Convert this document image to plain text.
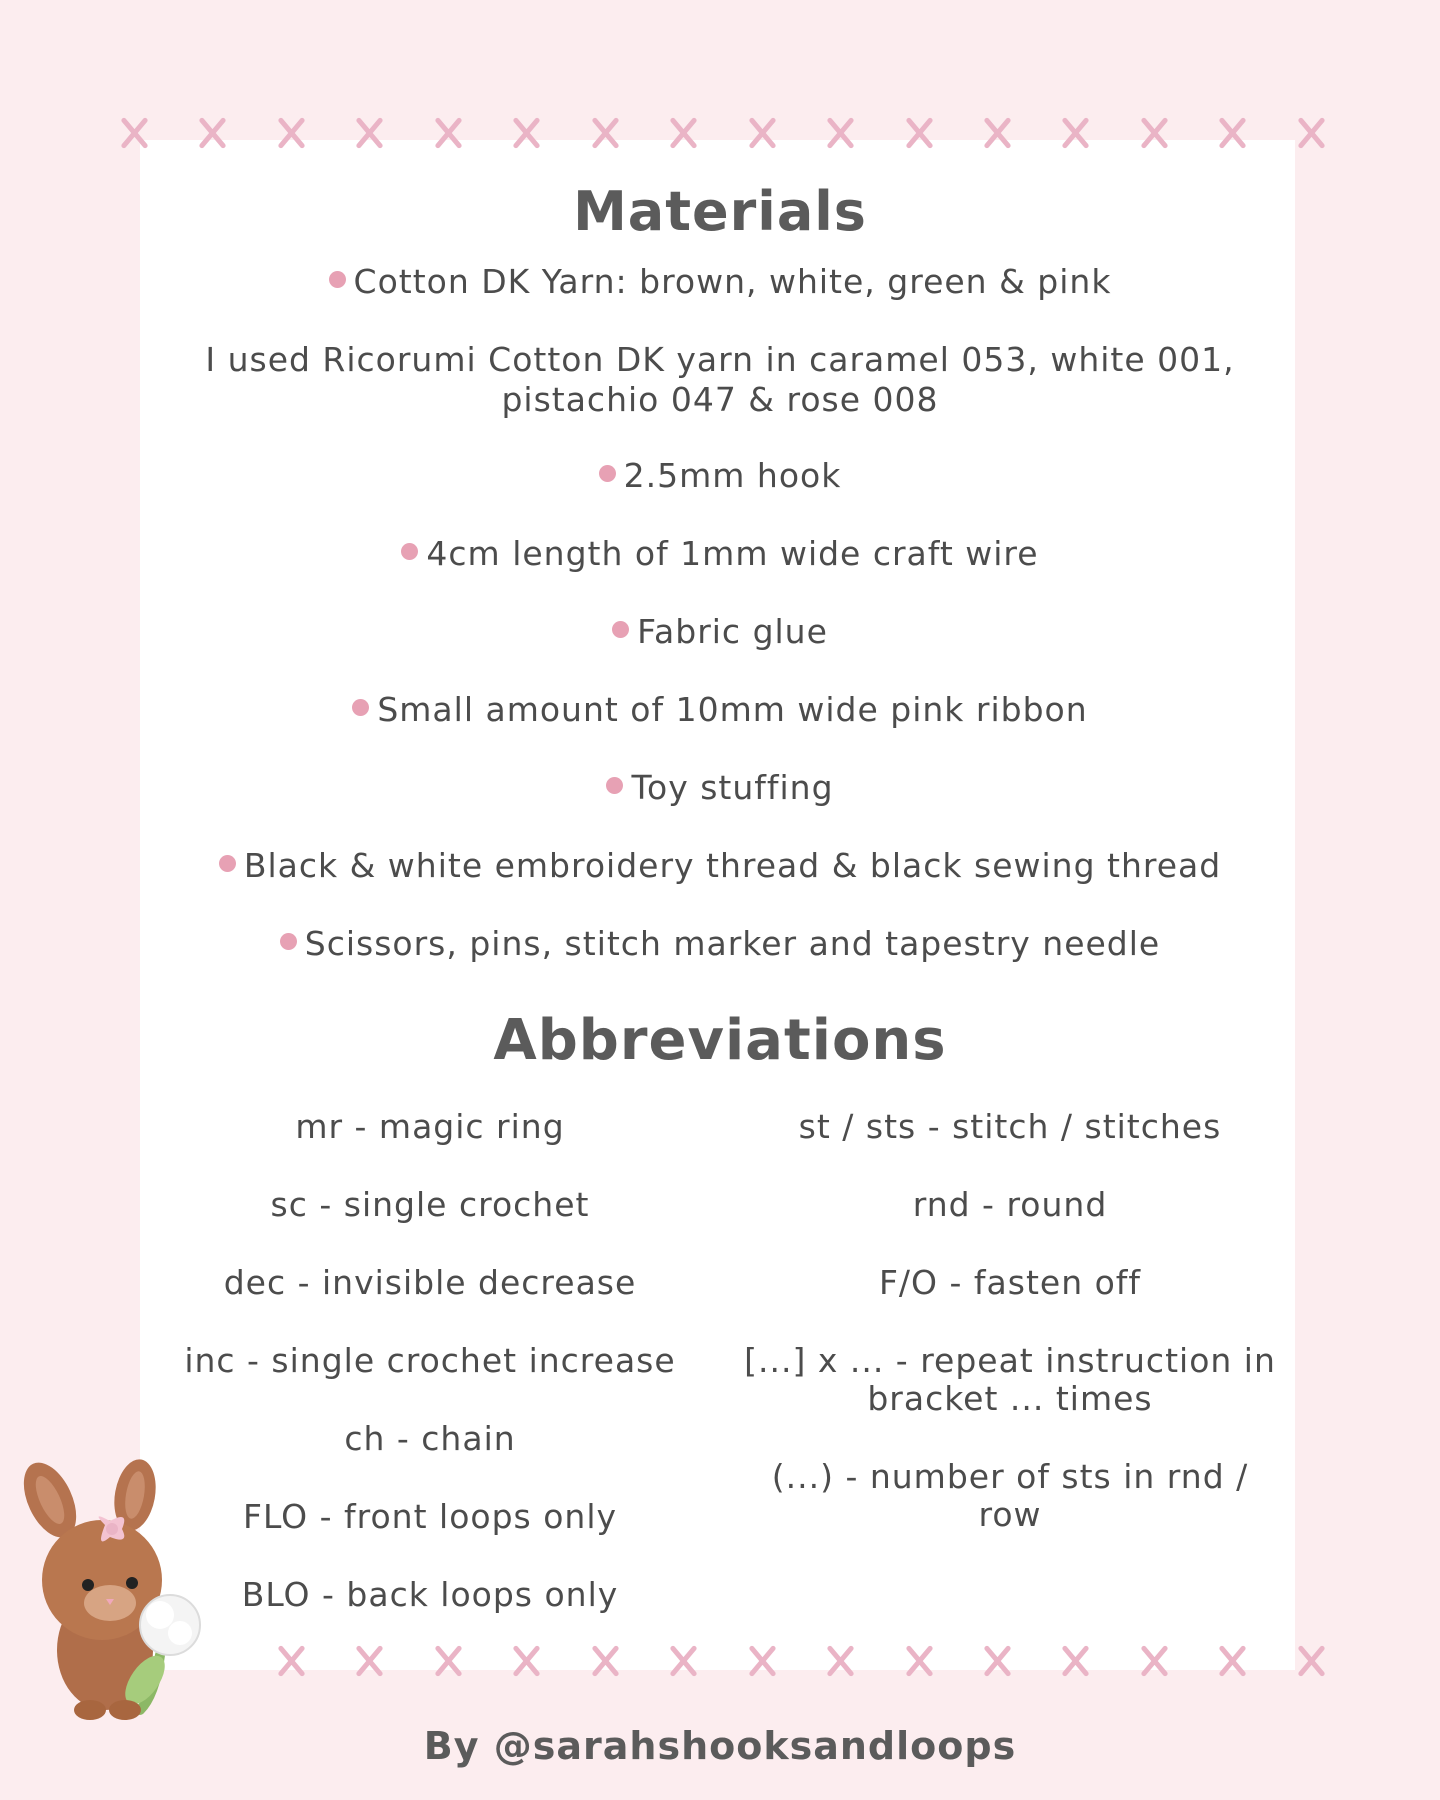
Materials
Cotton DK Yarn: brown, white, green & pink
I used Ricorumi Cotton DK yarn in caramel 053, white 001,
pistachio 047 & rose 008
2.5mm hook
4cm length of 1mm wide craft wire
Fabric glue
Small amount of 10mm wide pink ribbon
Toy stuffing
Black & white embroidery thread & black sewing thread
Scissors, pins, stitch marker and tapestry needle
Abbreviations
mr - magic ring
sc - single crochet
dec - invisible decrease
inc - single crochet increase
ch - chain
FLO - front loops only
BLO - back loops only
st / sts - stitch / stitches
rnd - round
F/O - fasten off
[...] x ... - repeat instruction in
bracket ... times
(...) - number of sts in rnd /
row
By @sarahshooksandloops
